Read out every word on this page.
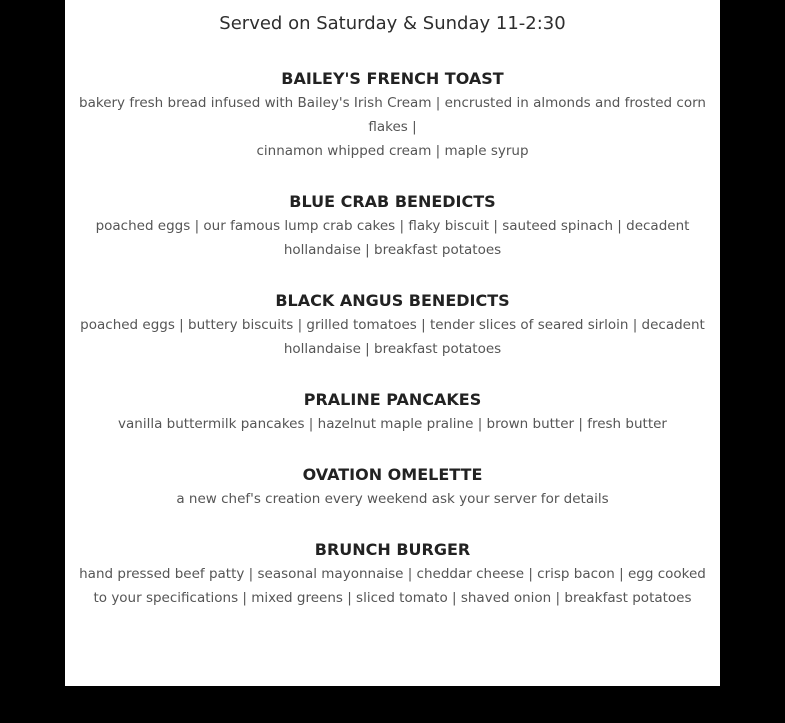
Served on Saturday & Sunday 11-2:30
BAILEY'S FRENCH TOAST
bakery fresh bread infused with Bailey's Irish Cream | encrusted in almonds and frosted corn flakes |
cinnamon whipped cream | maple syrup
BLUE CRAB BENEDICTS
poached eggs | our famous lump crab cakes | flaky biscuit | sauteed spinach | decadent hollandaise | breakfast potatoes
BLACK ANGUS BENEDICTS
poached eggs | buttery biscuits | grilled tomatoes | tender slices of seared sirloin | decadent hollandaise | breakfast potatoes
PRALINE PANCAKES
vanilla buttermilk pancakes | hazelnut maple praline | brown butter | fresh butter
OVATION OMELETTE
a new chef's creation every weekend ask your server for details
BRUNCH BURGER
hand pressed beef patty | seasonal mayonnaise | cheddar cheese | crisp bacon | egg cooked to your specifications | mixed greens | sliced tomato | shaved onion | breakfast potatoes
